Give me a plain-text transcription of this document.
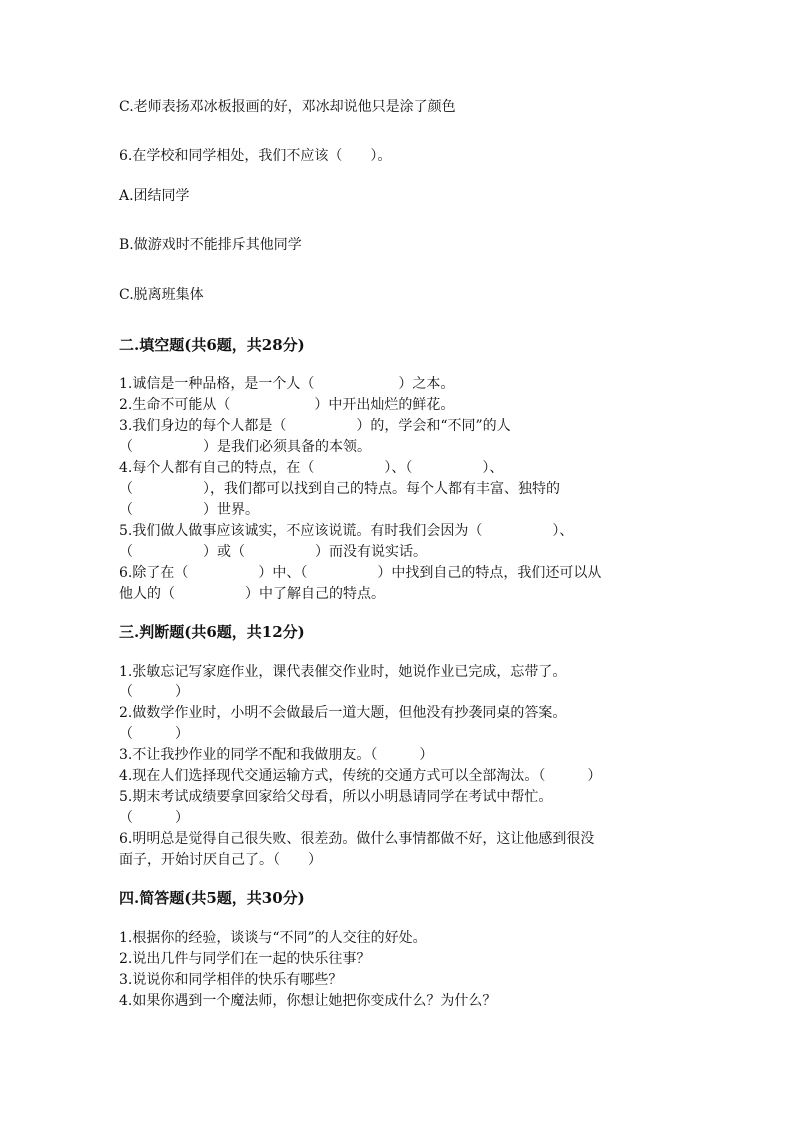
C.老师表扬邓冰板报画的好，邓冰却说他只是涂了颜色
6.在学校和同学相处，我们不应该（　　）。
A.团结同学
B.做游戏时不能排斥其他同学
C.脱离班集体
二.填空题(共6题，共28分)
1.诚信是一种品格，是一个人（　　　　　　）之本。
2.生命不可能从（　　　　　　）中开出灿烂的鲜花。
3.我们身边的每个人都是（　　　　　）的，学会和“不同”的人
（　　　　　）是我们必须具备的本领。
4.每个人都有自己的特点，在（　　　　　）、（　　　　　）、
（　　　　　），我们都可以找到自己的特点。每个人都有丰富、独特的
（　　　　　）世界。
5.我们做人做事应该诚实，不应该说谎。有时我们会因为（　　　　　）、
（　　　　　）或（　　　　　）而没有说实话。
6.除了在（　　　　　）中、（　　　　　）中找到自己的特点，我们还可以从
他人的（　　　　　）中了解自己的特点。
三.判断题(共6题，共12分)
1.张敏忘记写家庭作业，课代表催交作业时，她说作业已完成，忘带了。
（　　　）
2.做数学作业时，小明不会做最后一道大题，但他没有抄袭同桌的答案。
（　　　）
3.不让我抄作业的同学不配和我做朋友。（　　　）
4.现在人们选择现代交通运输方式，传统的交通方式可以全部淘汰。（　　　）
5.期末考试成绩要拿回家给父母看，所以小明恳请同学在考试中帮忙。
（　　　）
6.明明总是觉得自己很失败、很差劲。做什么事情都做不好，这让他感到很没
面子，开始讨厌自己了。（　　）
四.简答题(共5题，共30分)
1.根据你的经验，谈谈与“不同”的人交往的好处。
2.说出几件与同学们在一起的快乐往事？
3.说说你和同学相伴的快乐有哪些？
4.如果你遇到一个魔法师，你想让她把你变成什么？为什么？
